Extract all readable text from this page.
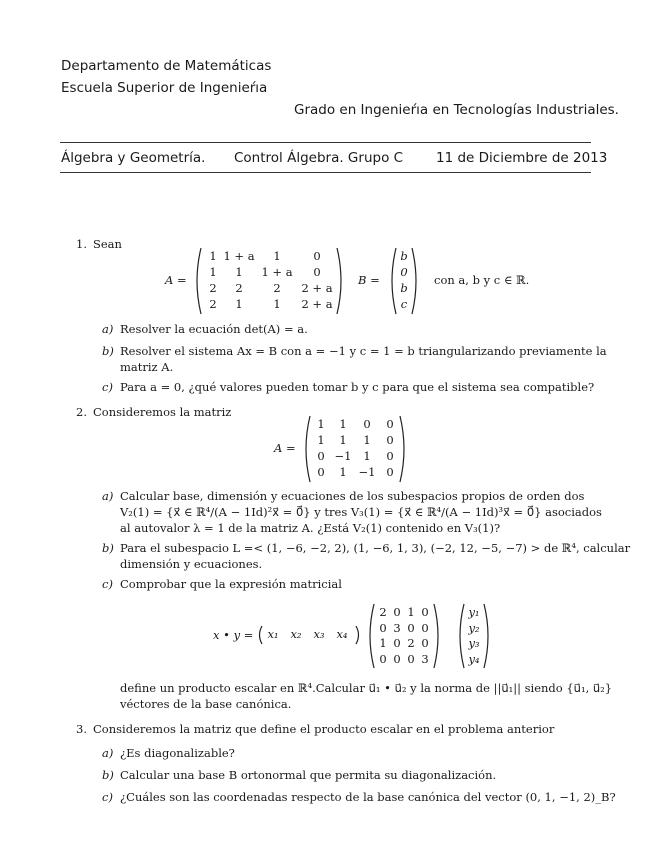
Departamento de Matemáticas
Escuela Superior de Ingenieŕıa
Grado en Ingenieŕıa en Tecnologías Industriales.
Álgebra y Geometría. Control Álgebra. Grupo C 11 de Diciembre de 2013
1. Sean
A =
1 1 + a	1	0
1	1	1 + a	0
2	2	2	2 + a
2	1	1	2 + a
B =
b
0
b
c
con a, b y c ∈ ℝ.
a) Resolver la ecuación det(A) = a.
b) Resolver el sistema Ax = B con a = −1 y c = 1 = b triangularizando previamente la
matriz A.
c) Para a = 0, ¿qué valores pueden tomar b y c para que el sistema sea compatible?
2. Consideremos la matriz
A =
1	1	0	0
1	1	1	0
0 −1	1	0
0	1	−1 0
a) Calcular base, dimensión y ecuaciones de los subespacios propios de orden dos
V₂(1) = {x⃗ ∈ ℝ⁴/(A − 1Id)²x⃗ = 0⃗} y tres V₃(1) = {x⃗ ∈ ℝ⁴/(A − 1Id)³x⃗ = 0⃗} asociados
al autovalor λ = 1 de la matriz A. ¿Está V₂(1) contenido en V₃(1)?
b) Para el subespacio L =< (1, −6, −2, 2), (1, −6, 1, 3), (−2, 12, −5, −7) > de ℝ⁴, calcular
dimensión y ecuaciones.
c) Comprobar que la expresión matricial
x • y =	x₁	x₂	x₃	x₄
2 0 1 0
0 3 0 0
1 0 2 0
0 0 0 3
y₁
y₂
y₃
y₄
define un producto escalar en ℝ⁴.Calcular u⃗₁ • u⃗₂ y la norma de ||u⃗₁|| siendo {u⃗₁, u⃗₂}
véctores de la base canónica.
3. Consideremos la matriz que define el producto escalar en el problema anterior
a) ¿Es diagonalizable?
b) Calcular una base B ortonormal que permita su diagonalización.
c) ¿Cuáles son las coordenadas respecto de la base canónica del vector (0, 1, −1, 2)_B?
